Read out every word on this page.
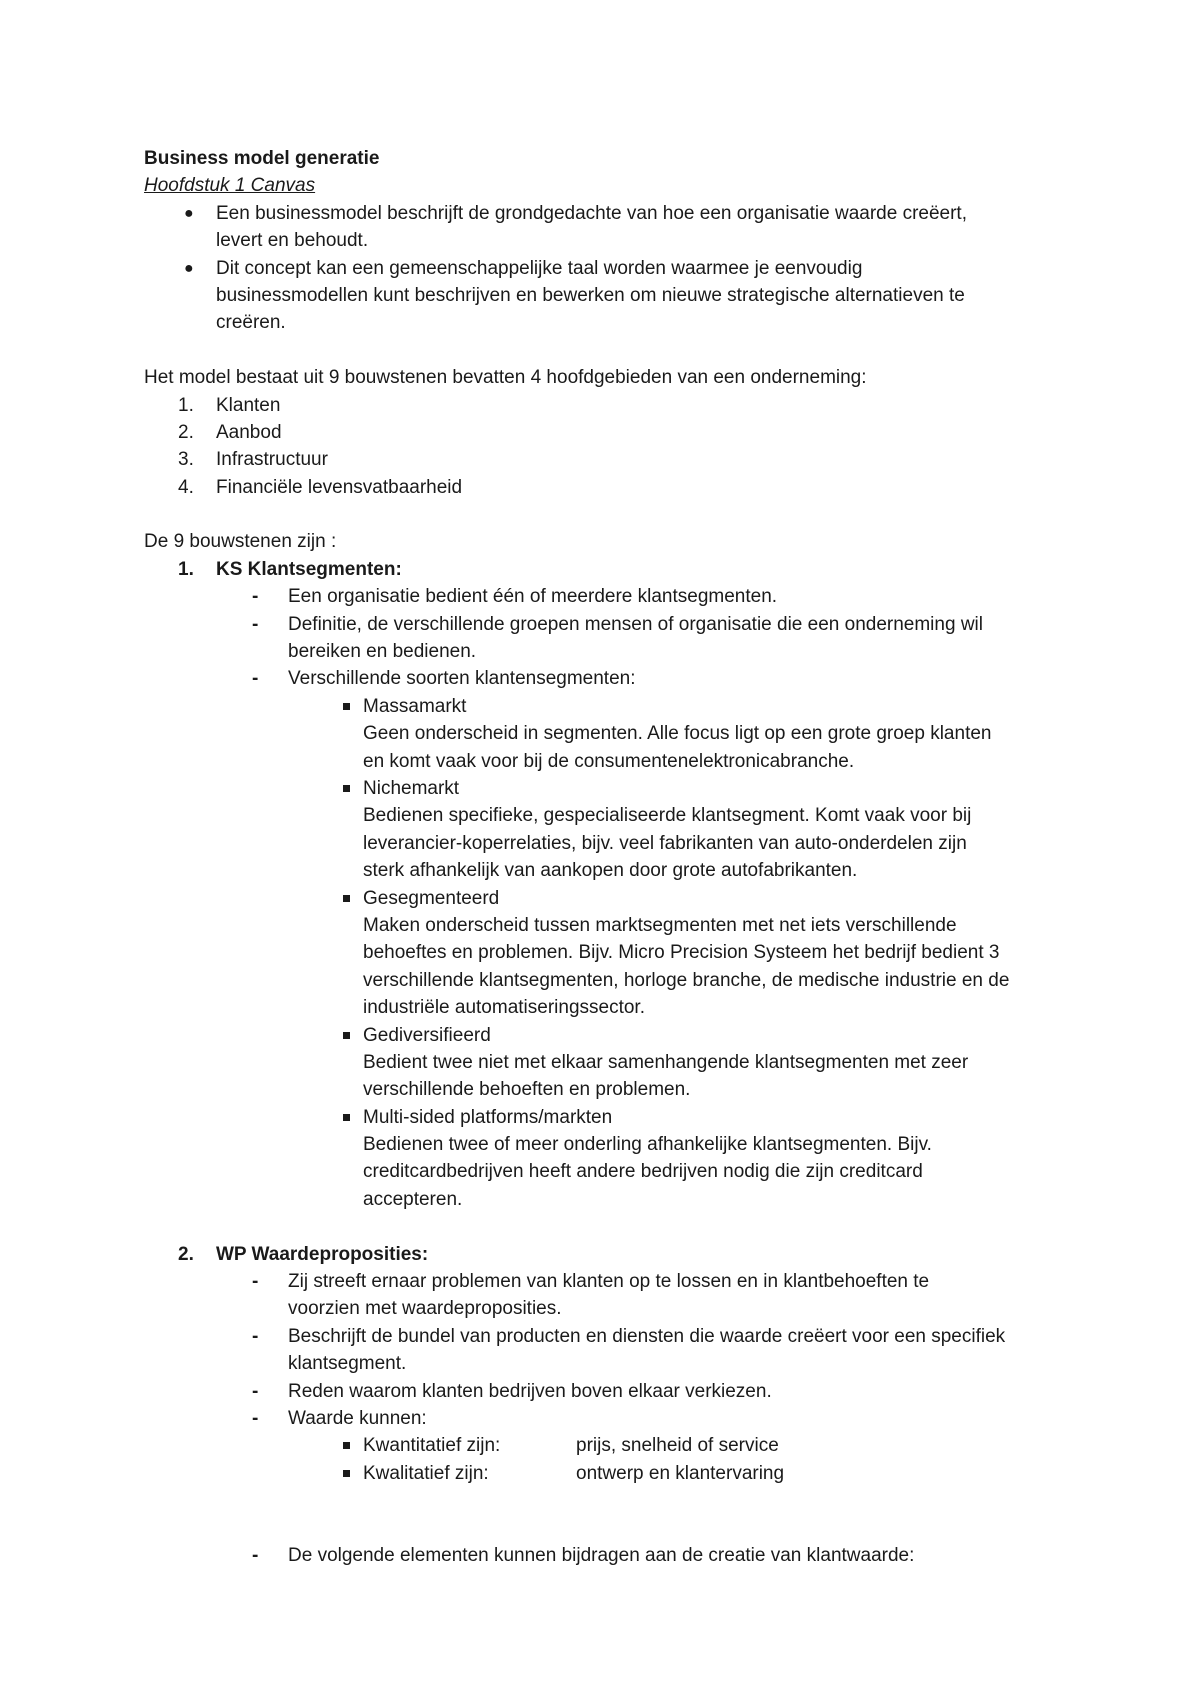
Business model generatie
Hoofdstuk 1 Canvas
● Een businessmodel beschrijft de grondgedachte van hoe een organisatie waarde creëert,
levert en behoudt.
● Dit concept kan een gemeenschappelijke taal worden waarmee je eenvoudig
businessmodellen kunt beschrijven en bewerken om nieuwe strategische alternatieven te
creëren.
Het model bestaat uit 9 bouwstenen bevatten 4 hoofdgebieden van een onderneming:
1. Klanten
2. Aanbod
3. Infrastructuur
4. Financiële levensvatbaarheid
De 9 bouwstenen zijn :
1. KS Klantsegmenten:
- Een organisatie bedient één of meerdere klantsegmenten.
- Definitie, de verschillende groepen mensen of organisatie die een onderneming wil
bereiken en bedienen.
- Verschillende soorten klantensegmenten:
Massamarkt
Geen onderscheid in segmenten. Alle focus ligt op een grote groep klanten
en komt vaak voor bij de consumentenelektronicabranche.
Nichemarkt
Bedienen specifieke, gespecialiseerde klantsegment. Komt vaak voor bij
leverancier-koperrelaties, bijv. veel fabrikanten van auto-onderdelen zijn
sterk afhankelijk van aankopen door grote autofabrikanten.
Gesegmenteerd
Maken onderscheid tussen marktsegmenten met net iets verschillende
behoeftes en problemen. Bijv. Micro Precision Systeem het bedrijf bedient 3
verschillende klantsegmenten, horloge branche, de medische industrie en de
industriële automatiseringssector.
Gediversifieerd
Bedient twee niet met elkaar samenhangende klantsegmenten met zeer
verschillende behoeften en problemen.
Multi-sided platforms/markten
Bedienen twee of meer onderling afhankelijke klantsegmenten. Bijv.
creditcardbedrijven heeft andere bedrijven nodig die zijn creditcard
accepteren.
2. WP Waardeproposities:
- Zij streeft ernaar problemen van klanten op te lossen en in klantbehoeften te
voorzien met waardeproposities.
- Beschrijft de bundel van producten en diensten die waarde creëert voor een specifiek
klantsegment.
- Reden waarom klanten bedrijven boven elkaar verkiezen.
- Waarde kunnen:
Kwantitatief zijn:	prijs, snelheid of service
Kwalitatief zijn:	ontwerp en klantervaring
- De volgende elementen kunnen bijdragen aan de creatie van klantwaarde:
